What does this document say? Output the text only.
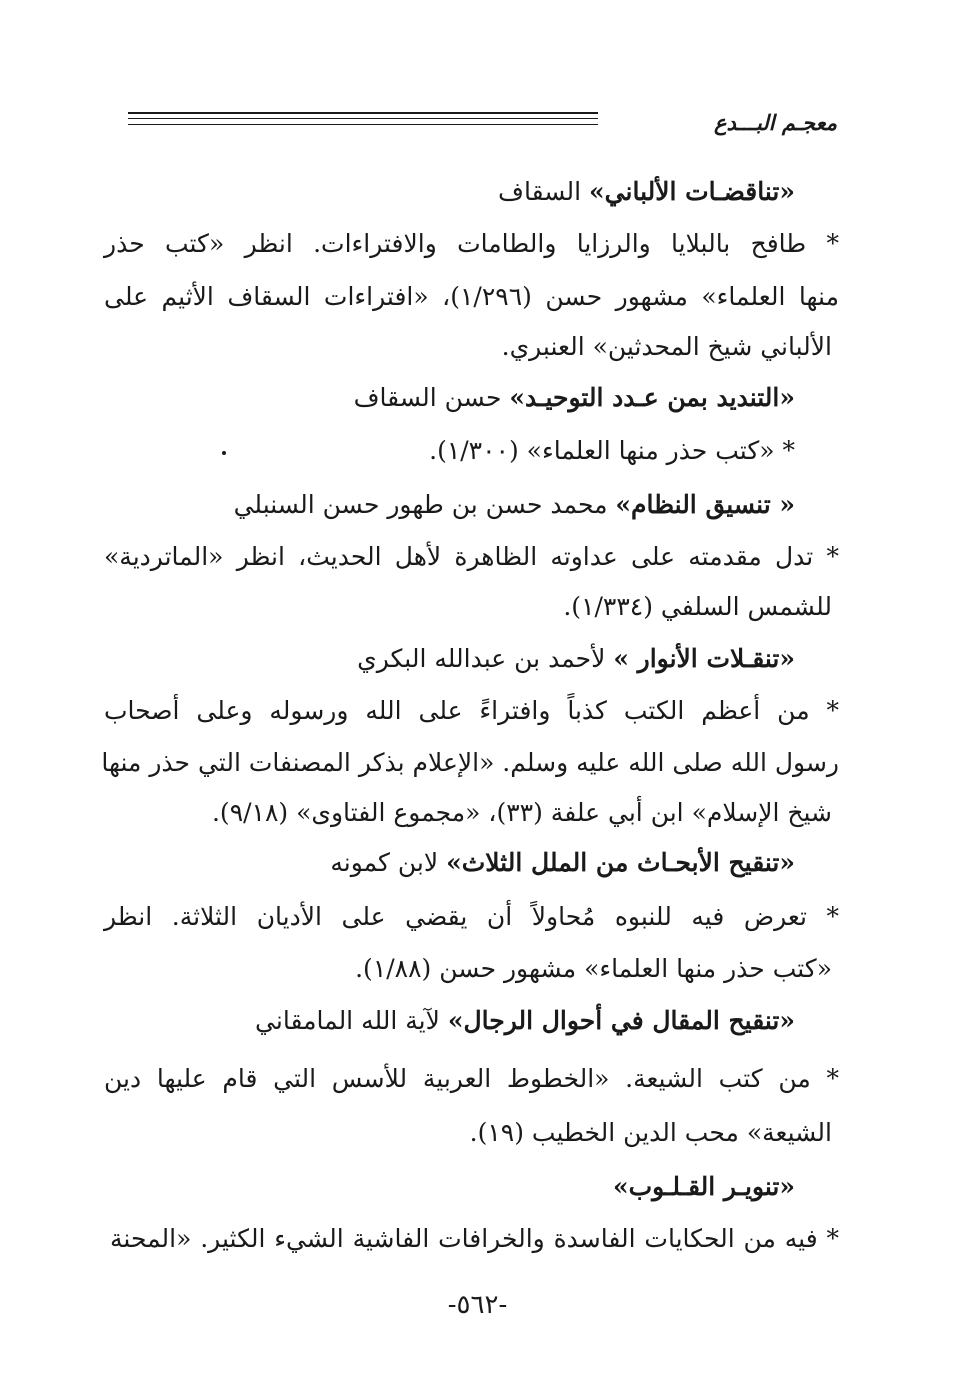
معجـم البـــدع
«تناقضـات الألباني» السقاف
* طافح بالبلايا والرزايا والطامات والافتراءات. انظر «كتب حذر
منها العلماء» مشهور حسن (١/٢٩٦)، «افتراءات السقاف الأثيم على
الألباني شيخ المحدثين» العنبري.
«التنديد بمن عـدد التوحيـد» حسن السقاف
* «كتب حذر منها العلماء» (١/٣٠٠).
« تنسيق النظام» محمد حسن بن طهور حسن السنبلي
* تدل مقدمته على عداوته الظاهرة لأهل الحديث، انظر «الماتردية»
للشمس السلفي (١/٣٣٤).
«تنقـلات الأنوار » لأحمد بن عبدالله البكري
* من أعظم الكتب كذباً وافتراءً على الله ورسوله وعلى أصحاب
رسول الله صلى الله عليه وسلم. «الإعلام بذكر المصنفات التي حذر منها
شيخ الإسلام» ابن أبي علفة (٣٣)، «مجموع الفتاوى» (٩/١٨).
«تنقيح الأبحـاث من الملل الثلاث» لابن كمونه
* تعرض فيه للنبوه مُحاولاً أن يقضي على الأديان الثلاثة. انظر
«كتب حذر منها العلماء» مشهور حسن (١/٨٨).
«تنقيح المقال في أحوال الرجال» لآية الله المامقاني
* من كتب الشيعة. «الخطوط العربية للأسس التي قام عليها دين
الشيعة» محب الدين الخطيب (١٩).
«تنويـر القـلـوب»
* فيه من الحكايات الفاسدة والخرافات الفاشية الشيء الكثير. «المحنة
-٥٦٢-
